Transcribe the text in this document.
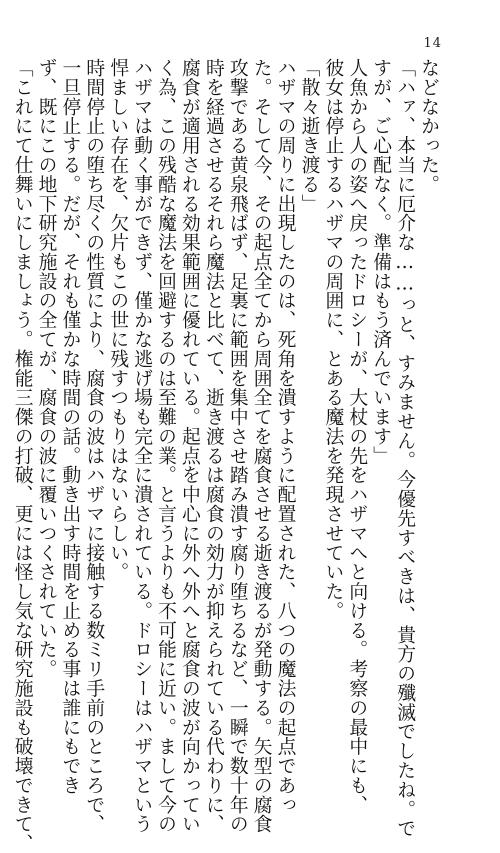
14
などなかった。
「ハァ、本当に厄介な……っと、すみません。今優先すべきは、貴方の殲滅でしたね。で
すが、ご心配なく。準備はもう済んでいます」
人魚から人の姿へ戻ったドロシーが、大杖の先をハザマへと向ける。考察の最中にも、
彼女は停止するハザマの周囲に、とある魔法を発現させていた。
「散々逝き渡る」
ハザマの周りに出現したのは、死角を潰すように配置された、八つの魔法の起点であっ
た。そして今、その起点全てから周囲全てを腐食させる逝き渡るが発動する。矢型の腐食
攻撃である黄泉飛ばず、足裏に範囲を集中させ踏み潰す腐り堕ちるなど、一瞬で数十年の
時を経過させるそれら魔法と比べて、逝き渡るは腐食の効力が抑えられている代わりに、
腐食が適用される効果範囲に優れている。起点を中心に外へ外へと腐食の波が向かってい
く為、この残酷な魔法を回避するのは至難の業。と言うよりも不可能に近い。まして今の
ハザマは動く事ができず、僅かな逃げ場も完全に潰されている。ドロシーはハザマという
悍ましい存在を、欠片もこの世に残すつもりはないらしい。
時間停止の堕ち尽くの性質により、腐食の波はハザマに接触する数ミリ手前のところで、
一旦停止する。だが、それも僅かな時間の話。動き出す時間を止める事は誰にもでき
ず、既にこの地下研究施設の全てが、腐食の波に覆いつくされていた。
「これにて仕舞いにしましょう。権能三傑の打破、更には怪し気な研究施設も破壊できて、
